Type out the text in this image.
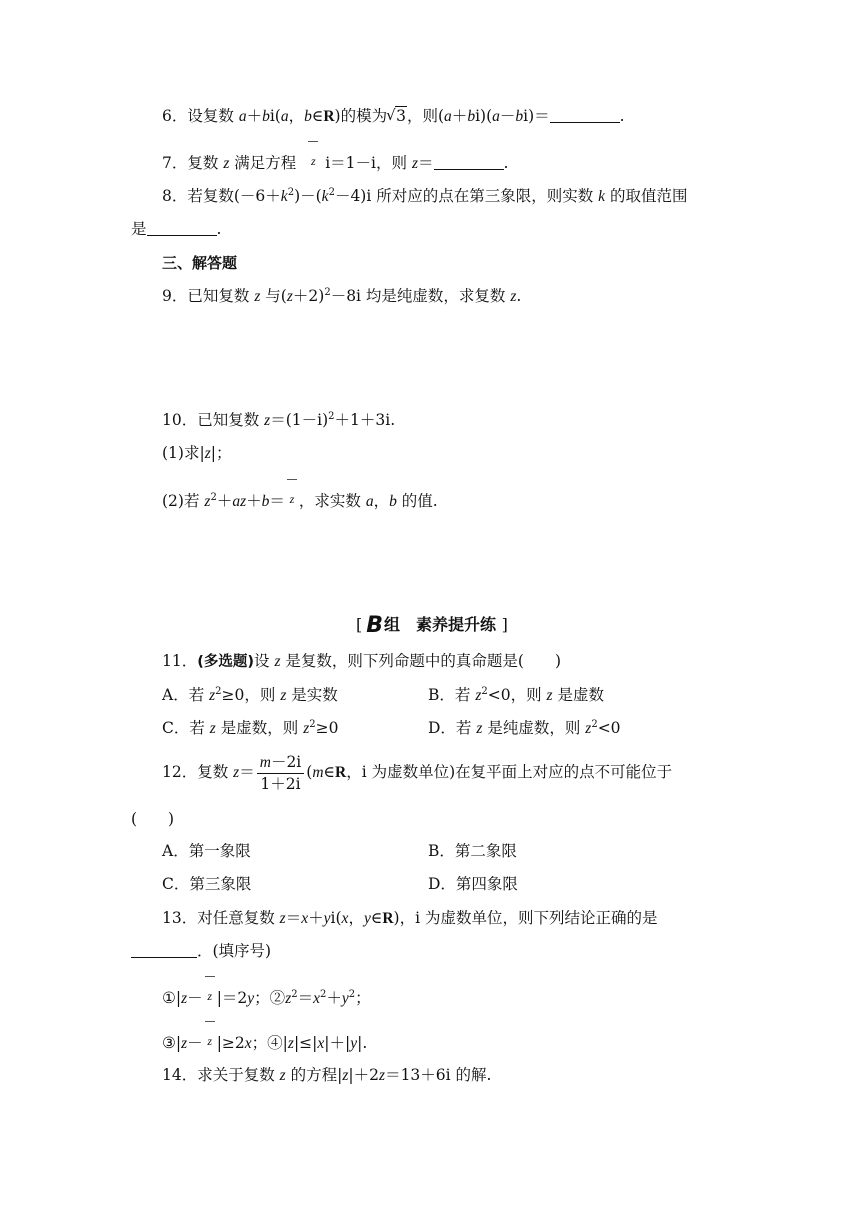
6．设复数 a＋bi(a，b∈R)的模为√ 3，则(a＋bi)(a－bi)＝	.
7．复数 z 满足方程 z i＝1－i，则 z＝	.
8．若复数$(-6+k^2)-(k^2-4)i$ 所对应的点在第三象限，则实数 k 的取值范围
是	.
三、解答题
9．已知复数 z 与$(z+2)^2-8i$ 均是纯虚数，求复数 z.
10．已知复数 $z=(1-i)^2+1+3i$.
(1)求|z|；
(2)若 $z^2+az+b= z$ ，求实数 a，b 的值.
[ B组　素养提升练 ]
11．(多选题)设 z 是复数，则下列命题中的真命题是(　　)
A．若 $z^2\ge 0$，则 z 是实数	B．若 $z^2<0$，则 z 是虚数
C．若 z 是虚数，则 $z^2\ge 0$	D．若 z 是纯虚数，则 $z^2<0$
12．复数 $z= \frac{m-2i}{1+2i}$ (m∈R，i 为虚数单位)在复平面上对应的点不可能位于
(　　)
A．第一象限	B．第二象限
C．第三象限	D．第四象限
13．对任意复数 z＝x＋yi(x，y∈R)，i 为虚数单位，则下列结论正确的是
．(填序号)
①|z－ z |＝2y；$②z^2=x^2+y^2$；
③|z－ z |≥2x；④|z|≤|x|＋|y|.
14．求关于复数 z 的方程|z|＋2z＝13＋6i 的解.
